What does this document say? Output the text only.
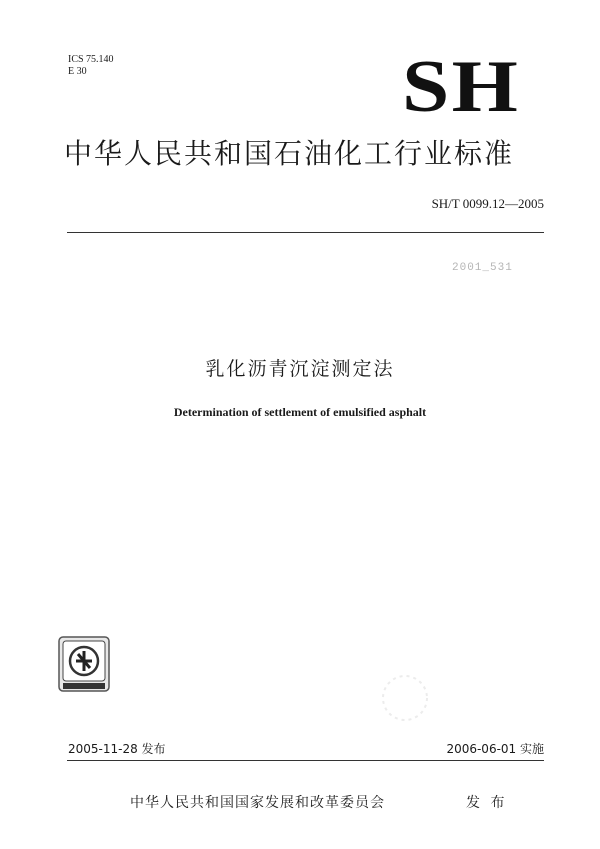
ICS 75.140
E 30	SH
中华人民共和国石油化工行业标准
SH/T 0099.12—2005
2001_531
乳化沥青沉淀测定法
Determination of settlement of emulsified asphalt
2005-11-28 发布	2006-06-01 实施
中华人民共和国国家发展和改革委员会	发 布
